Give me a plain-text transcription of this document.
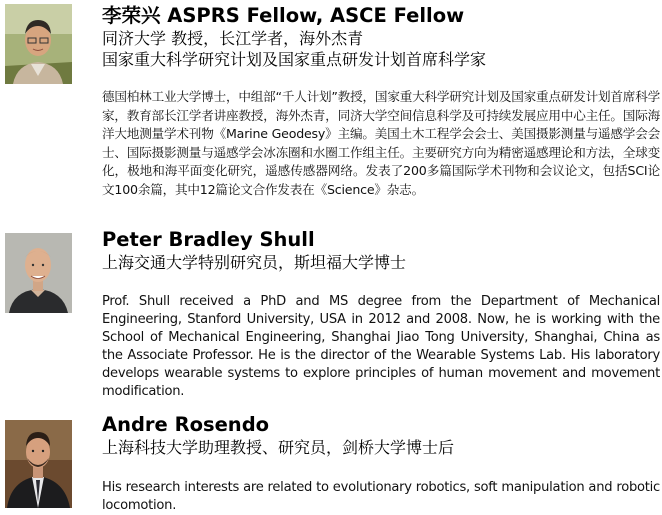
李荣兴 ASPRS Fellow, ASCE Fellow
同济大学 教授，长江学者，海外杰青
国家重大科学研究计划及国家重点研发计划首席科学家
德国柏林工业大学博士，中组部“千人计划”教授，国家重大科学研究计划及国家重点研发计划首席科学家，教育部长江学者讲座教授，海外杰青，同济大学空间信息科学及可持续发展应用中心主任。国际海洋大地测量学术刊物《Marine Geodesy》主编。美国土木工程学会会士、美国摄影测量与遥感学会会士、国际摄影测量与遥感学会冰冻圈和水圈工作组主任。主要研究方向为精密遥感理论和方法，全球变化，极地和海平面变化研究，遥感传感器网络。发表了200多篇国际学术刊物和会议论文，包括SCI论文100余篇，其中12篇论文合作发表在《Science》杂志。
Peter Bradley Shull
上海交通大学特别研究员，斯坦福大学博士
Prof. Shull received a PhD and MS degree from the Department of Mechanical Engineering, Stanford University, USA in 2012 and 2008. Now, he is working with the School of Mechanical Engineering, Shanghai Jiao Tong University, Shanghai, China as the Associate Professor. He is the director of the Wearable Systems Lab. His laboratory develops wearable systems to explore principles of human movement and movement modification.
Andre Rosendo
上海科技大学助理教授、研究员，剑桥大学博士后
His research interests are related to evolutionary robotics, soft manipulation and robotic locomotion.
